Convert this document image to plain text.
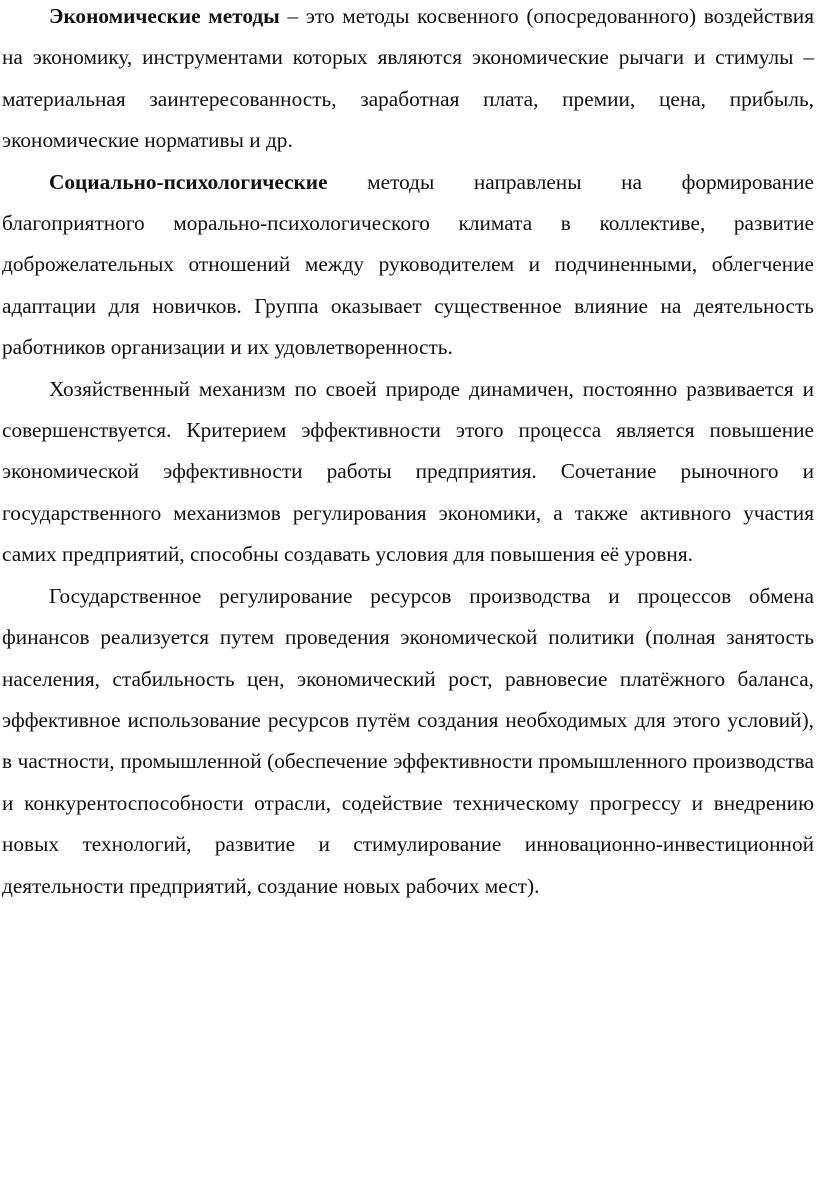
Экономические методы – это методы косвенного (опосредованного) воздействия на экономику, инструментами которых являются экономические рычаги и стимулы – материальная заинтересованность, заработная плата, премии, цена, прибыль, экономические нормативы и др.

Социально-психологические методы направлены на формирование благоприятного морально-психологического климата в коллективе, развитие доброжелательных отношений между руководителем и подчиненными, облегчение адаптации для новичков. Группа оказывает существенное влияние на деятельность работников организации и их удовлетворенность.

Хозяйственный механизм по своей природе динамичен, постоянно развивается и совершенствуется. Критерием эффективности этого процесса является повышение экономической эффективности работы предприятия. Сочетание рыночного и государственного механизмов регулирования экономики, а также активного участия самих предприятий, способны создавать условия для повышения её уровня.

Государственное регулирование ресурсов производства и процессов обмена финансов реализуется путем проведения экономической политики (полная занятость населения, стабильность цен, экономический рост, равновесие платёжного баланса, эффективное использование ресурсов путём создания необходимых для этого условий), в частности, промышленной (обеспечение эффективности промышленного производства и конкурентоспособности отрасли, содействие техническому прогрессу и внедрению новых технологий, развитие и стимулирование инновационно-инвестиционной деятельности предприятий, создание новых рабочих мест).
